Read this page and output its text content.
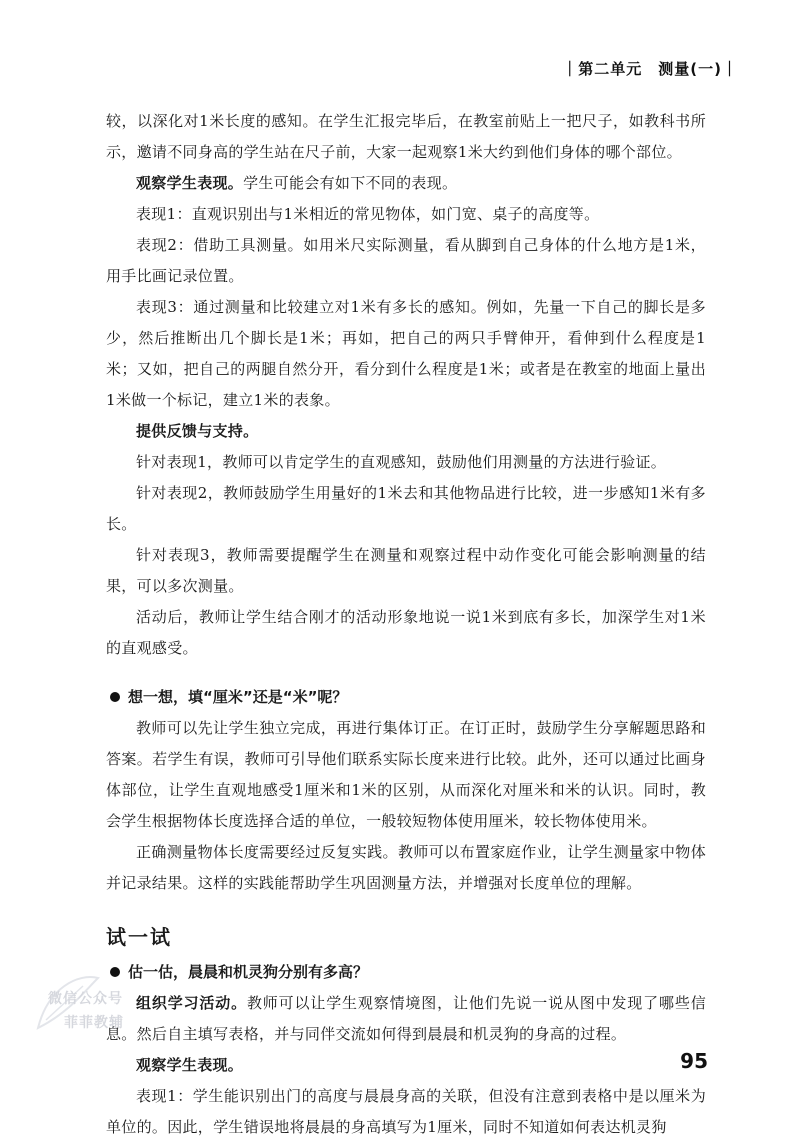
｜第二单元　测量(一)｜

较，以深化对1米长度的感知。在学生汇报完毕后，在教室前贴上一把尺子，如教科书所示，邀请不同身高的学生站在尺子前，大家一起观察1米大约到他们身体的哪个部位。

观察学生表现。学生可能会有如下不同的表现。

表现1：直观识别出与1米相近的常见物体，如门宽、桌子的高度等。

表现2：借助工具测量。如用米尺实际测量，看从脚到自己身体的什么地方是1米，用手比画记录位置。

表现3：通过测量和比较建立对1米有多长的感知。例如，先量一下自己的脚长是多少，然后推断出几个脚长是1米；再如，把自己的两只手臂伸开，看伸到什么程度是1米；又如，把自己的两腿自然分开，看分到什么程度是1米；或者是在教室的地面上量出1米做一个标记，建立1米的表象。

提供反馈与支持。

针对表现1，教师可以肯定学生的直观感知，鼓励他们用测量的方法进行验证。

针对表现2，教师鼓励学生用量好的1米去和其他物品进行比较，进一步感知1米有多长。

针对表现3，教师需要提醒学生在测量和观察过程中动作变化可能会影响测量的结果，可以多次测量。

活动后，教师让学生结合刚才的活动形象地说一说1米到底有多长，加深学生对1米的直观感受。

想一想，填“厘米”还是“米”呢？

教师可以先让学生独立完成，再进行集体订正。在订正时，鼓励学生分享解题思路和答案。若学生有误，教师可引导他们联系实际长度来进行比较。此外，还可以通过比画身体部位，让学生直观地感受1厘米和1米的区别，从而深化对厘米和米的认识。同时，教会学生根据物体长度选择合适的单位，一般较短物体使用厘米，较长物体使用米。

正确测量物体长度需要经过反复实践。教师可以布置家庭作业，让学生测量家中物体并记录结果。这样的实践能帮助学生巩固测量方法，并增强对长度单位的理解。

试一试

估一估，晨晨和机灵狗分别有多高？

组织学习活动。教师可以让学生观察情境图，让他们先说一说从图中发现了哪些信息。然后自主填写表格，并与同伴交流如何得到晨晨和机灵狗的身高的过程。

观察学生表现。

表现1：学生能识别出门的高度与晨晨身高的关联，但没有注意到表格中是以厘米为单位的。因此，学生错误地将晨晨的身高填写为1厘米，同时不知道如何表达机灵狗

微信公众号
菲菲教辅
95
